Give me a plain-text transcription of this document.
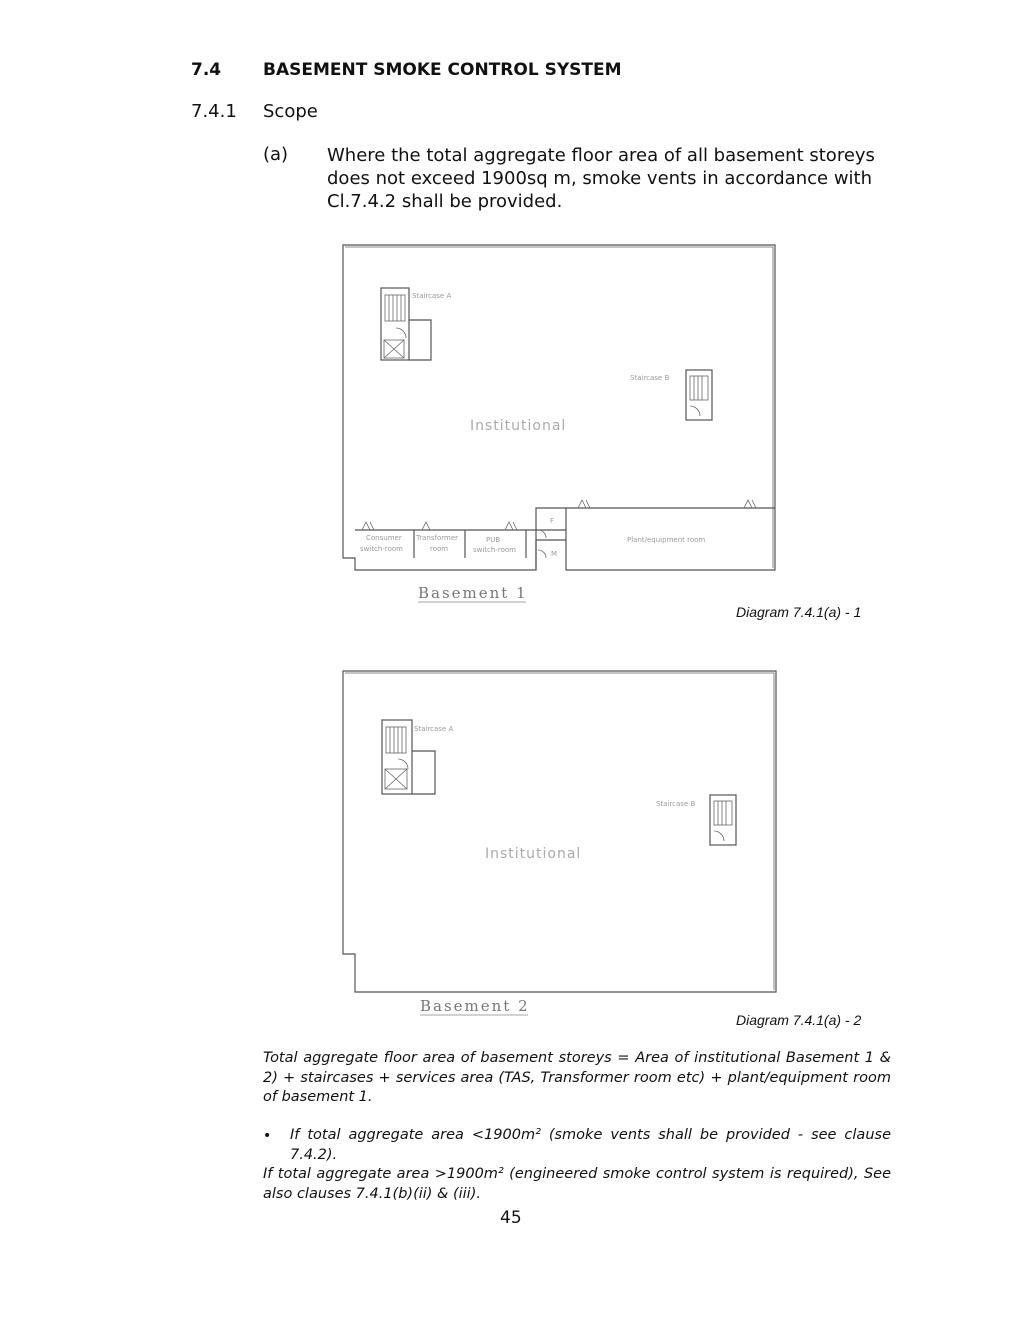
7.4 BASEMENT SMOKE CONTROL SYSTEM
7.4.1 Scope
(a) Where the total aggregate floor area of all basement storeys does not exceed 1900sq m, smoke vents in accordance with Cl.7.4.2 shall be provided.
Staircase A
Staircase B
Institutional
Consumer
switch-room
Transformer
room
PUB
switch-room
F
M
Plant/equipment room
Basement 1
Diagram 7.4.1(a) - 1
Staircase A
Staircase B
Institutional
Basement 2
Diagram 7.4.1(a) - 2
Total aggregate floor area of basement storeys = Area of institutional Basement 1 & 2) + staircases + services area (TAS, Transformer room etc) + plant/equipment room of basement 1.
• If total aggregate area <1900m² (smoke vents shall be provided - see clause 7.4.2).
If total aggregate area >1900m² (engineered smoke control system is required), See also clauses 7.4.1(b)(ii) & (iii).
45
